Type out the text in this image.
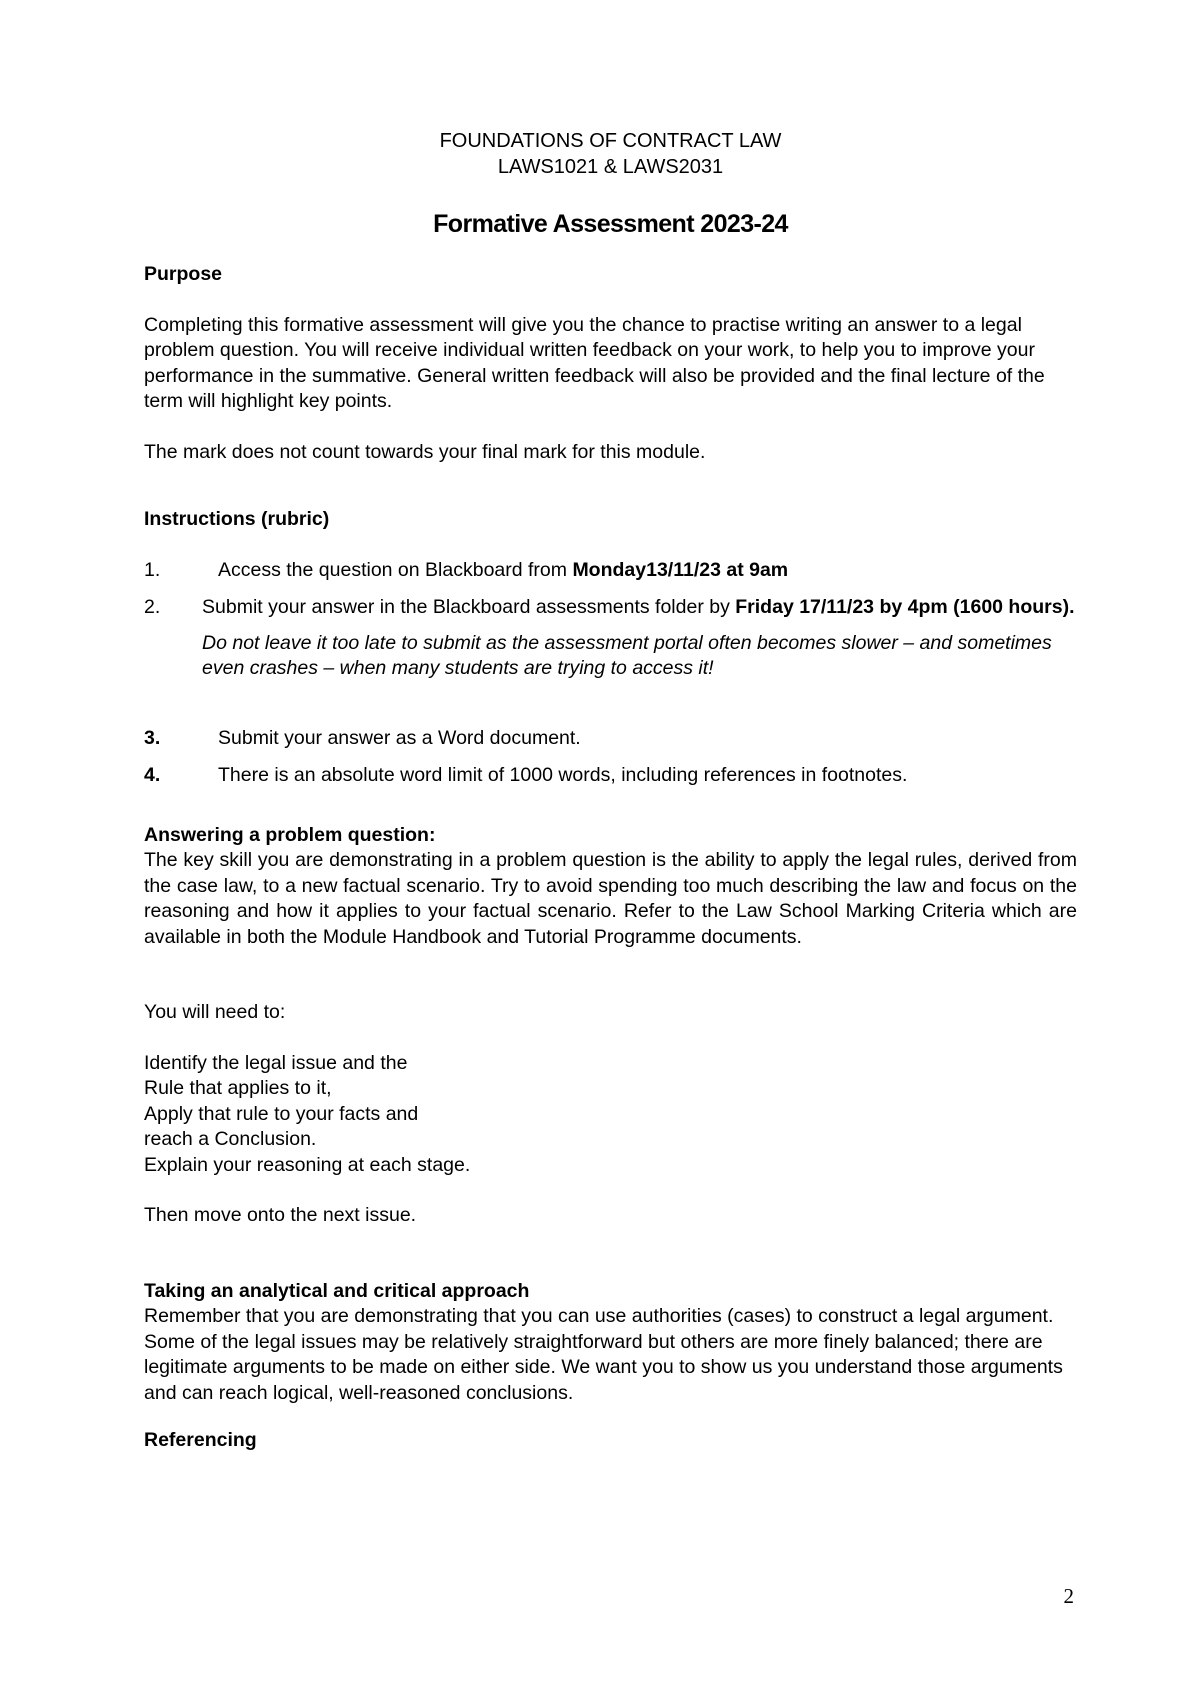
FOUNDATIONS OF CONTRACT LAW

LAWS1021 & LAWS2031

Formative Assessment 2023-24

Purpose

Completing this formative assessment will give you the chance to practise writing an answer to a legal problem question. You will receive individual written feedback on your work, to help you to improve your performance in the summative. General written feedback will also be provided and the final lecture of the term will highlight key points.

The mark does not count towards your final mark for this module.

Instructions (rubric)
1.	Access the question on Blackboard from Monday13/11/23 at 9am
2.	Submit your answer in the Blackboard assessments folder by Friday 17/11/23 by 4pm (1600 hours).
Do not leave it too late to submit as the assessment portal often becomes slower – and sometimes even crashes – when many students are trying to access it!
3.	Submit your answer as a Word document.
4.	There is an absolute word limit of 1000 words, including references in footnotes.
Answering a problem question:

The key skill you are demonstrating in a problem question is the ability to apply the legal rules, derived from the case law, to a new factual scenario. Try to avoid spending too much describing the law and focus on the reasoning and how it applies to your factual scenario. Refer to the Law School Marking Criteria which are available in both the Module Handbook and Tutorial Programme documents.

You will need to:

Identify the legal issue and the

Rule that applies to it,

Apply that rule to your facts and

reach a Conclusion.

Explain your reasoning at each stage.

Then move onto the next issue.

Taking an analytical and critical approach

Remember that you are demonstrating that you can use authorities (cases) to construct a legal argument. Some of the legal issues may be relatively straightforward but others are more finely balanced; there are legitimate arguments to be made on either side. We want you to show us you understand those arguments and can reach logical, well-reasoned conclusions.

Referencing
2
